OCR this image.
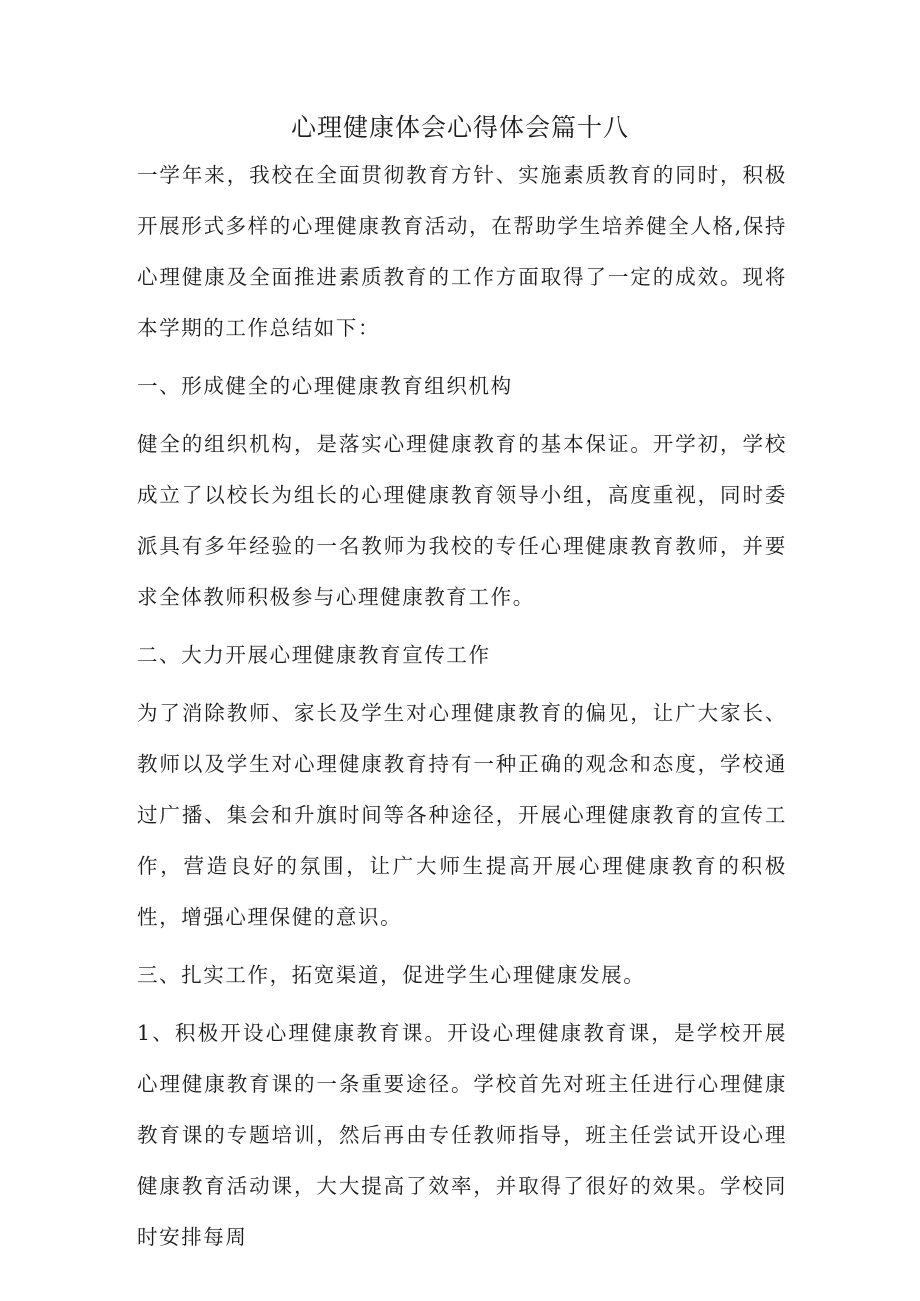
心理健康体会心得体会篇十八

一学年来，我校在全面贯彻教育方针、实施素质教育的同时，积极开展形式多样的心理健康教育活动，在帮助学生培养健全人格,保持心理健康及全面推进素质教育的工作方面取得了一定的成效。现将本学期的工作总结如下：

一、形成健全的心理健康教育组织机构

健全的组织机构，是落实心理健康教育的基本保证。开学初，学校成立了以校长为组长的心理健康教育领导小组，高度重视，同时委派具有多年经验的一名教师为我校的专任心理健康教育教师，并要求全体教师积极参与心理健康教育工作。

二、大力开展心理健康教育宣传工作

为了消除教师、家长及学生对心理健康教育的偏见，让广大家长、教师以及学生对心理健康教育持有一种正确的观念和态度，学校通过广播、集会和升旗时间等各种途径，开展心理健康教育的宣传工作，营造良好的氛围，让广大师生提高开展心理健康教育的积极性，增强心理保健的意识。

三、扎实工作，拓宽渠道，促进学生心理健康发展。

1、积极开设心理健康教育课。开设心理健康教育课，是学校开展心理健康教育课的一条重要途径。学校首先对班主任进行心理健康教育课的专题培训，然后再由专任教师指导，班主任尝试开设心理健康教育活动课，大大提高了效率，并取得了很好的效果。学校同时安排每周
